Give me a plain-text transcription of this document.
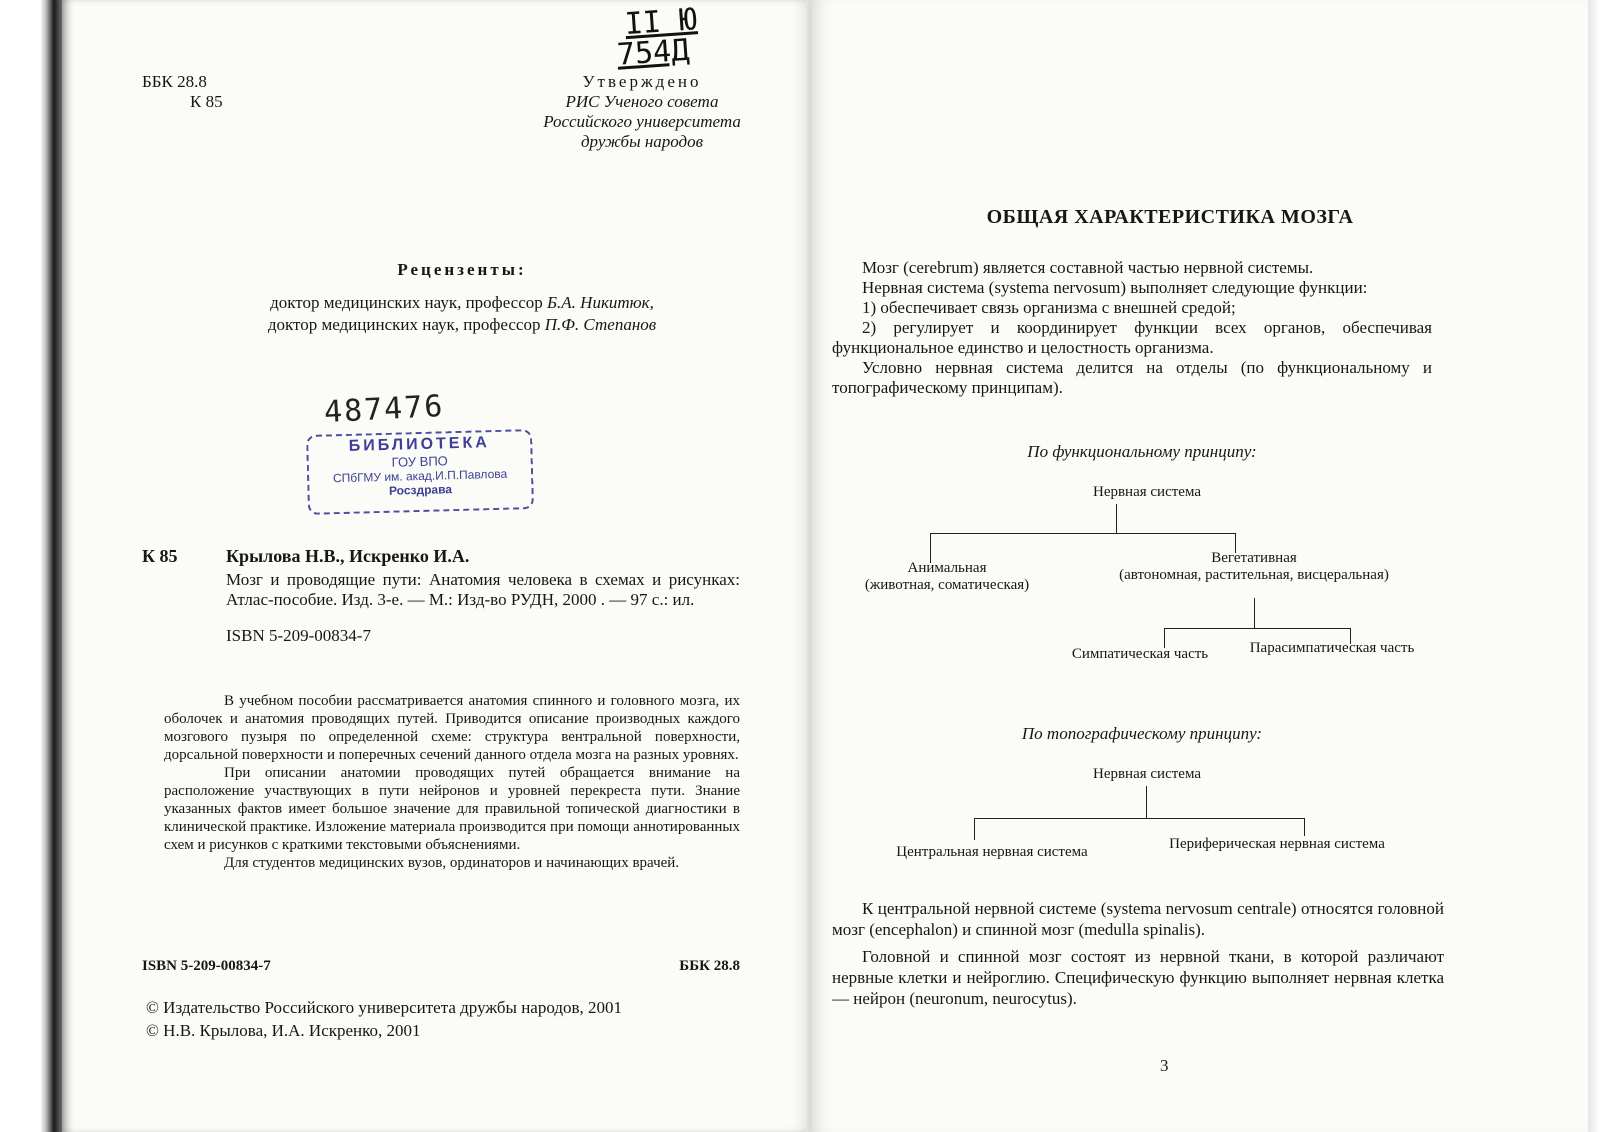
ББК 28.8
К 85
II Ю
754Д
Утверждено
РИС Ученого совета
Российского университета
дружбы народов
Рецензенты:
доктор медицинских наук, профессор Б.А. Никитюк,
доктор медицинских наук, профессор П.Ф. Степанов
487476
БИБЛИОТЕКА
ГОУ ВПО
СПбГМУ им. акад.И.П.Павлова
Росздрава
К 85	Крылова Н.В., Искренко И.А.

Мозг и проводящие пути: Анатомия человека в схемах и рисунках: Атлас-пособие. Изд. 3-е. — М.: Изд-во РУДН, 2000 . — 97 с.: ил.

ISBN 5-209-00834-7

В учебном пособии рассматривается анатомия спинного и головного мозга, их оболочек и анатомия проводящих путей. Приводится описание производных каждого мозгового пузыря по определенной схеме: структура вентральной поверхности, дорсальной поверхности и поперечных сечений данного отдела мозга на разных уровнях.

При описании анатомии проводящих путей обращается внимание на расположение участвующих в пути нейронов и уровней перекреста пути. Знание указанных фактов имеет большое значение для правильной топической диагностики в клинической практике. Изложение материала производится при помощи аннотированных схем и рисунков с краткими текстовыми объяснениями.

Для студентов медицинских вузов, ординаторов и начинающих врачей.

ISBN 5-209-00834-7	ББК 28.8
© Издательство Российского университета дружбы народов, 2001
© Н.В. Крылова, И.А. Искренко, 2001
ОБЩАЯ ХАРАКТЕРИСТИКА МОЗГА

Мозг (cerebrum) является составной частью нервной системы.

Нервная система (systema nervosum) выполняет следующие функции:

1) обеспечивает связь организма с внешней средой;

2) регулирует и координирует функции всех органов, обеспечивая функциональное единство и целостность организма.

Условно нервная система делится на отделы (по функциональному и топографическому принципам).

По функциональному принципу:
Нервная система
Анимальная
(животная, соматическая)
Вегетативная
(автономная, растительная, висцеральная)
Симпатическая часть	Парасимпатическая часть
По топографическому принципу:
Нервная система
Центральная нервная система	Периферическая нервная система

К центральной нервной системе (systema nervosum centrale) относятся головной мозг (encephalon) и спинной мозг (medulla spinalis).

Головной и спинной мозг состоят из нервной ткани, в которой различают нервные клетки и нейроглию. Специфическую функцию выполняет нервная клетка — нейрон (neuronum, neurocytus).

3
